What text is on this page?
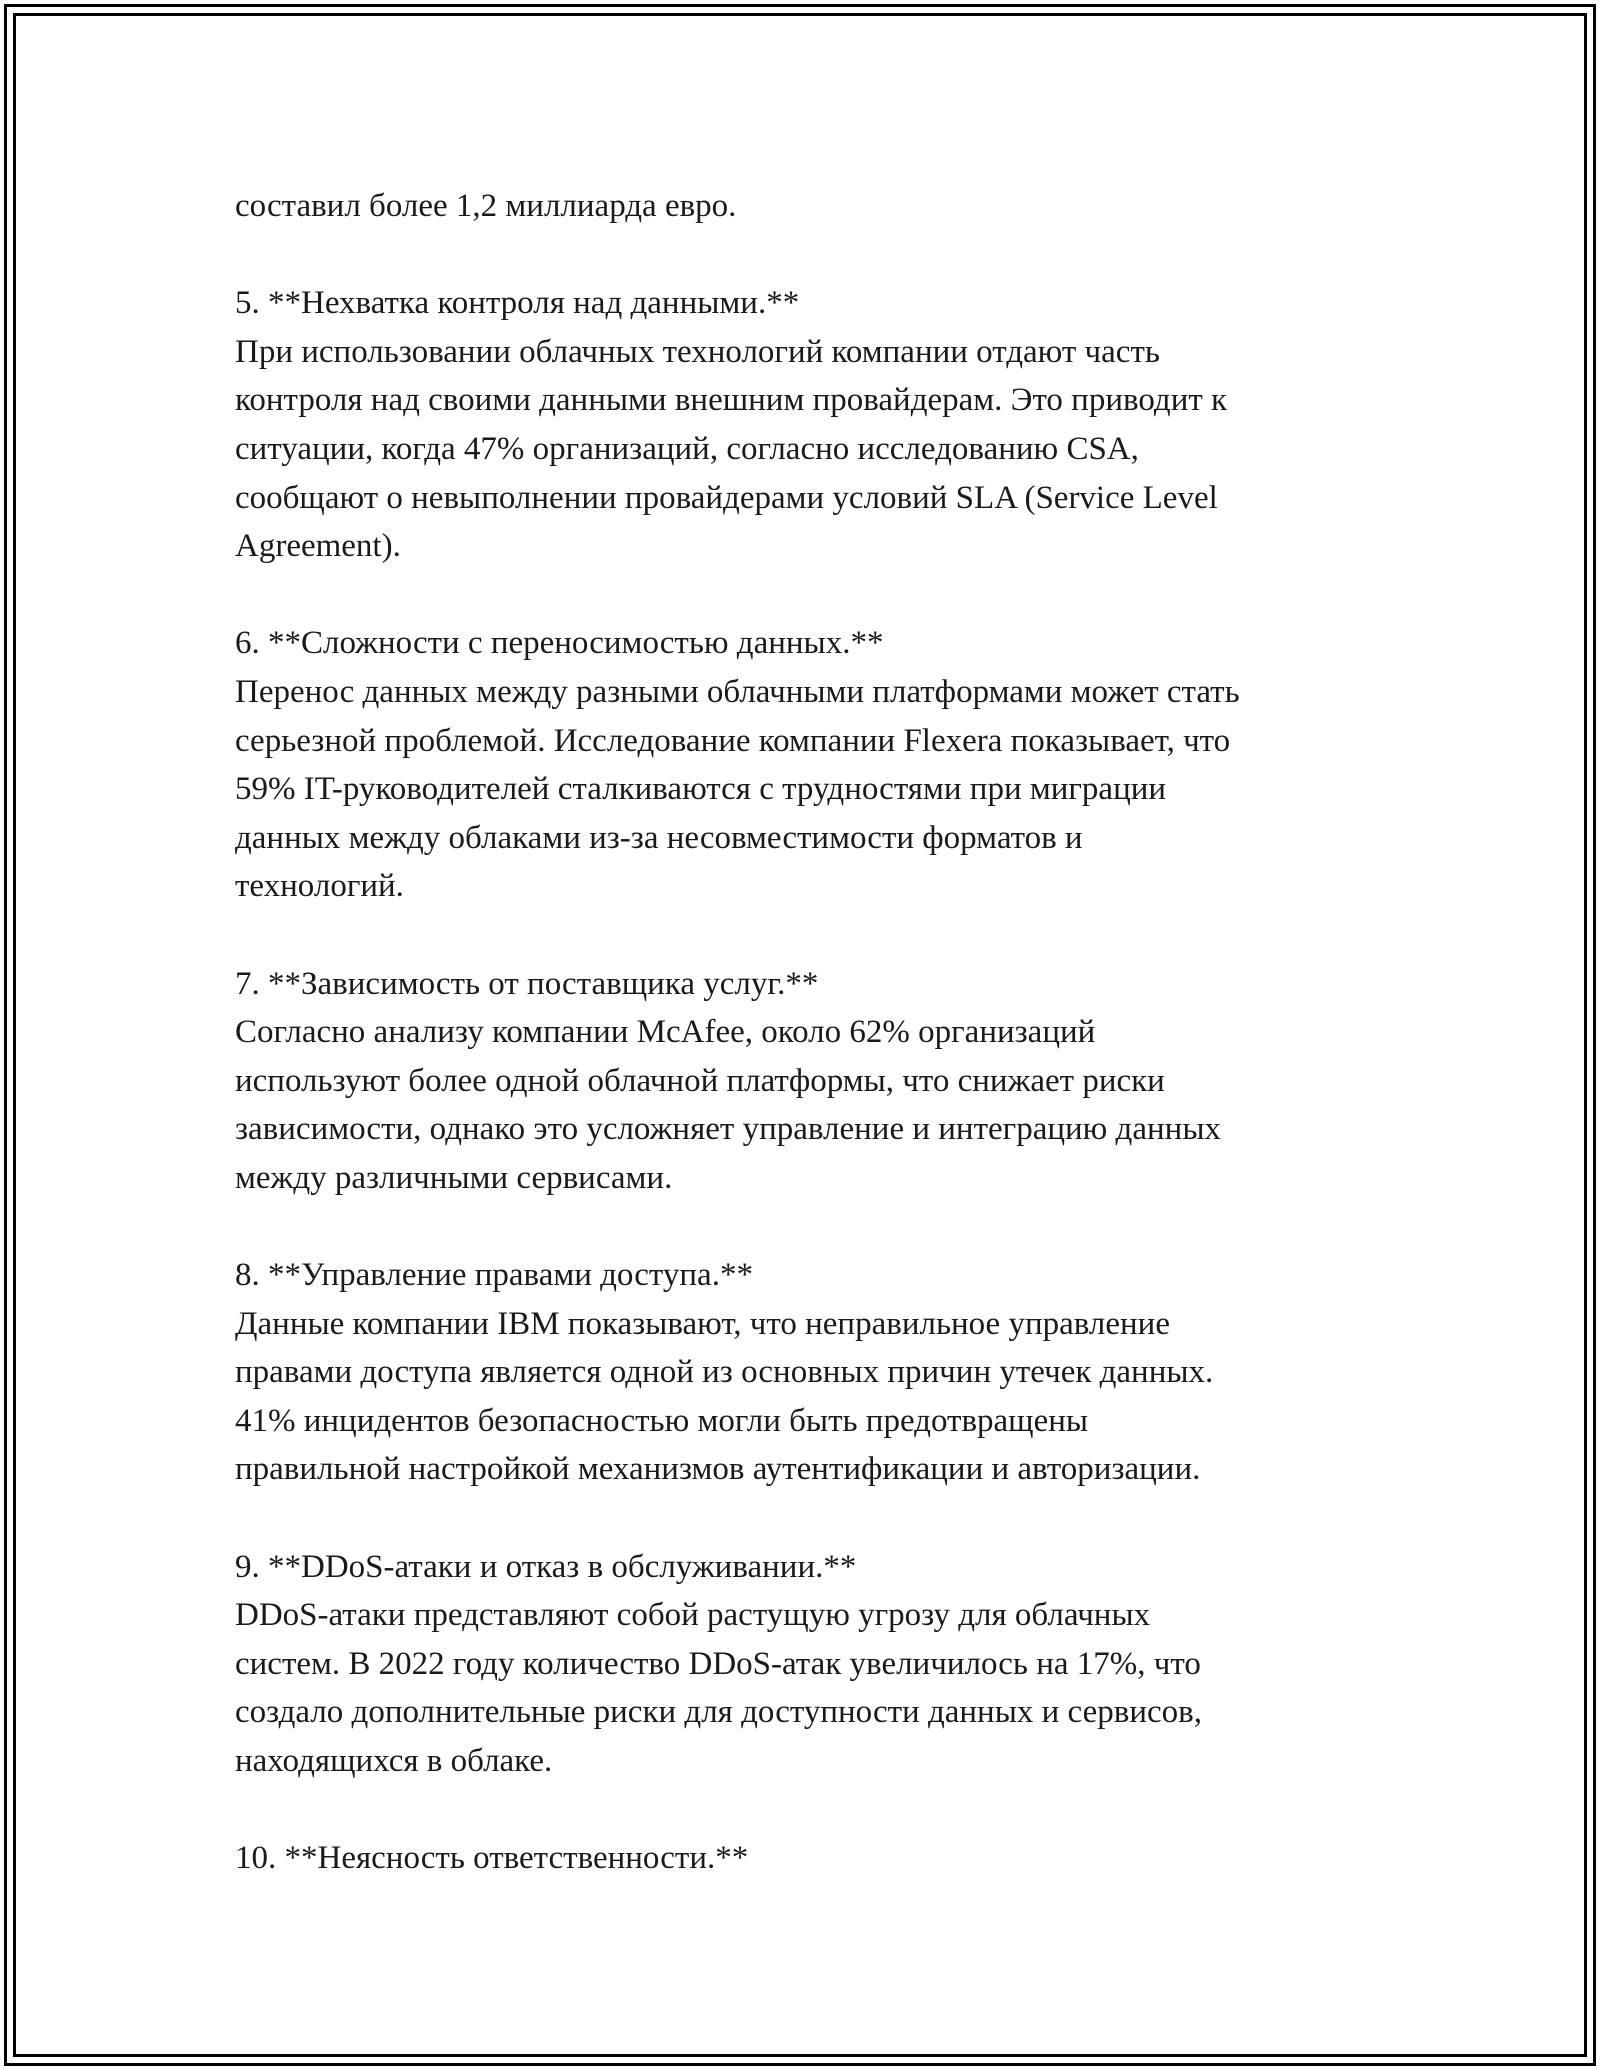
составил более 1,2 миллиарда евро.
5. **Нехватка контроля над данными.**
При использовании облачных технологий компании отдают часть
контроля над своими данными внешним провайдерам. Это приводит к
ситуации, когда 47% организаций, согласно исследованию CSA,
сообщают о невыполнении провайдерами условий SLA (Service Level
Agreement).
6. **Сложности с переносимостью данных.**
Перенос данных между разными облачными платформами может стать
серьезной проблемой. Исследование компании Flexera показывает, что
59% IT-руководителей сталкиваются с трудностями при миграции
данных между облаками из-за несовместимости форматов и
технологий.
7. **Зависимость от поставщика услуг.**
Согласно анализу компании McAfee, около 62% организаций
используют более одной облачной платформы, что снижает риски
зависимости, однако это усложняет управление и интеграцию данных
между различными сервисами.
8. **Управление правами доступа.**
Данные компании IBM показывают, что неправильное управление
правами доступа является одной из основных причин утечек данных.
41% инцидентов безопасностью могли быть предотвращены
правильной настройкой механизмов аутентификации и авторизации.
9. **DDoS-атаки и отказ в обслуживании.**
DDoS-атаки представляют собой растущую угрозу для облачных
систем. В 2022 году количество DDoS-атак увеличилось на 17%, что
создало дополнительные риски для доступности данных и сервисов,
находящихся в облаке.
10. **Неясность ответственности.**
